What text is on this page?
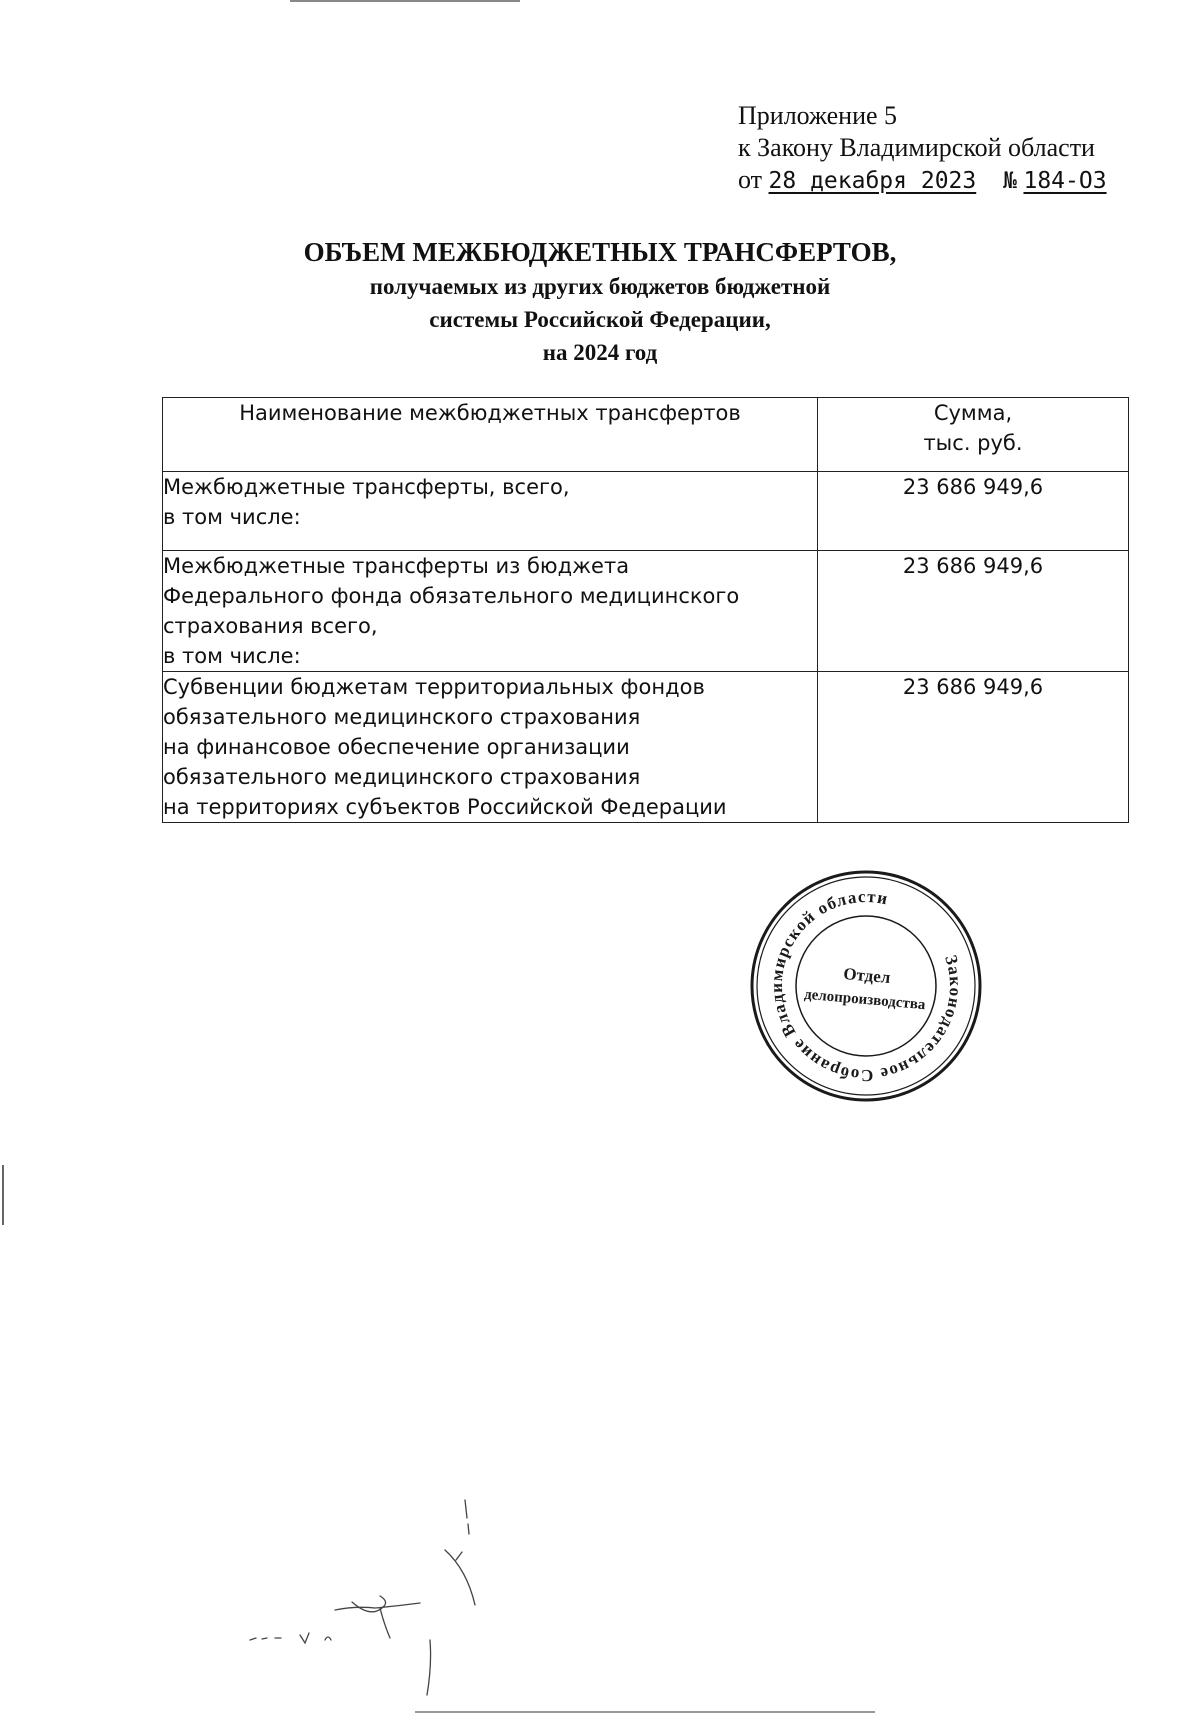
Приложение 5
к Закону Владимирской области
от 28 декабря 2023 № 184-ОЗ
ОБЪЕМ МЕЖБЮДЖЕТНЫХ ТРАНСФЕРТОВ,
получаемых из других бюджетов бюджетной
системы Российской Федерации,
на 2024 год
Наименование межбюджетных трансфертов	Сумма,
тыс. руб.
Межбюджетные трансферты, всего,
в том числе:	23 686 949,6
Межбюджетные трансферты из бюджета
Федерального фонда обязательного медицинского
страхования всего,
в том числе:	23 686 949,6
Субвенции бюджетам территориальных фондов
обязательного медицинского страхования
на финансовое обеспечение организации
обязательного медицинского страхования
на территориях субъектов Российской Федерации	23 686 949,6
Законодательное Собрание Владимирской области
Отдел
делопроизводства
